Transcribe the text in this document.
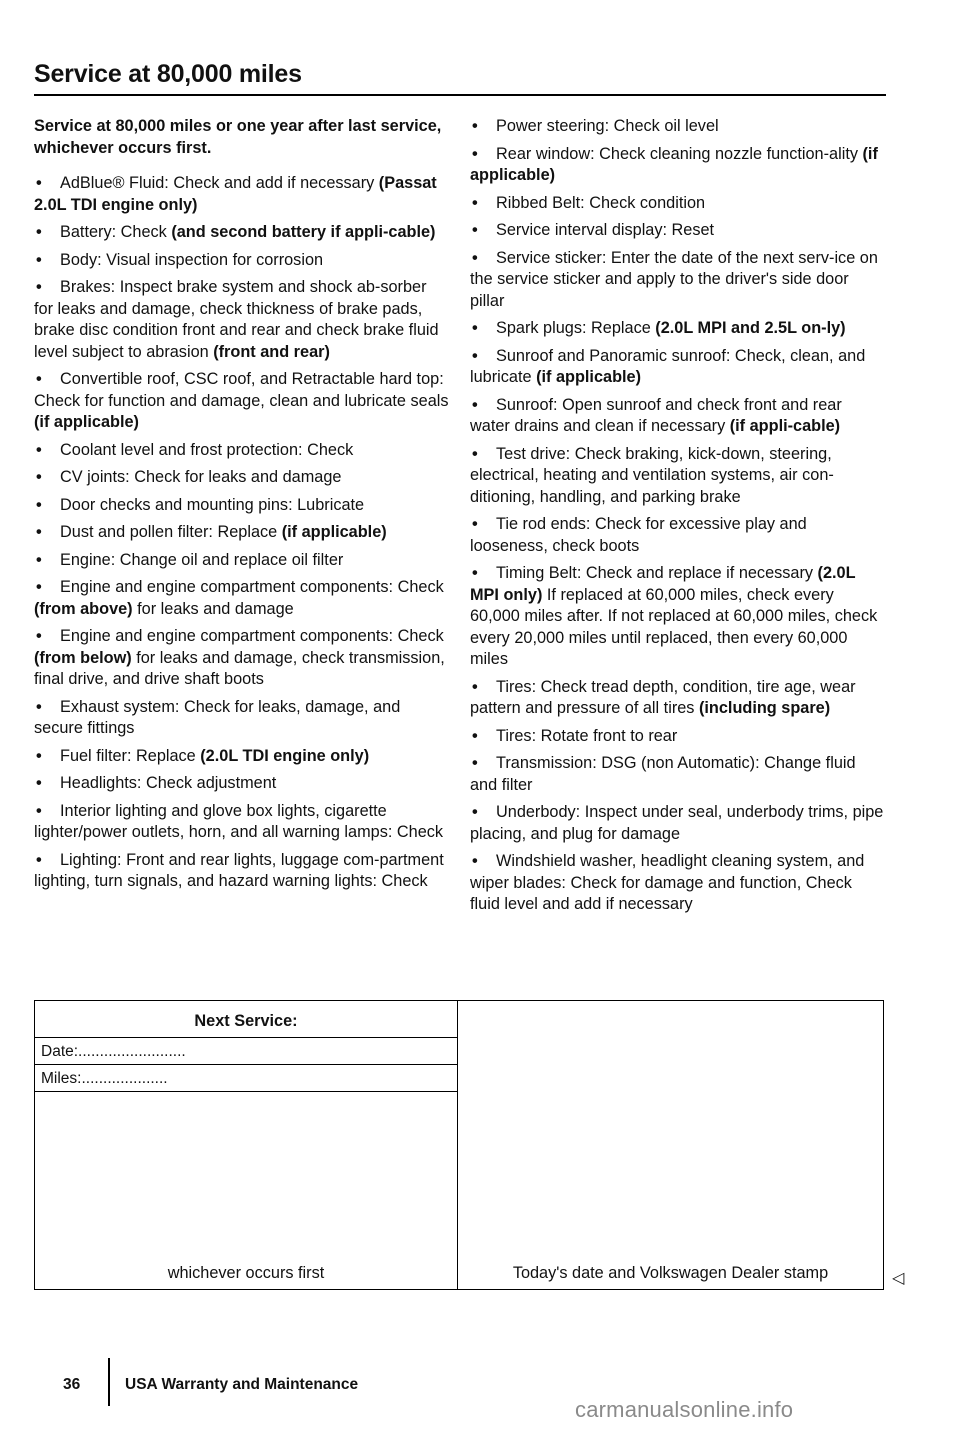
Service at 80,000 miles

Service at 80,000 miles or one year after last service, whichever occurs first.

• AdBlue® Fluid: Check and add if necessary (Passat 2.0L TDI engine only)

• Battery: Check (and second battery if appli-cable)

• Body: Visual inspection for corrosion

• Brakes: Inspect brake system and shock ab-sorber for leaks and damage, check thickness of brake pads, brake disc condition front and rear and check brake fluid level subject to abrasion (front and rear)

• Convertible roof, CSC roof, and Retractable hard top: Check for function and damage, clean and lubricate seals (if applicable)

• Coolant level and frost protection: Check

• CV joints: Check for leaks and damage

• Door checks and mounting pins: Lubricate

• Dust and pollen filter: Replace (if applicable)

• Engine: Change oil and replace oil filter

• Engine and engine compartment components: Check (from above) for leaks and damage

• Engine and engine compartment components: Check (from below) for leaks and damage, check transmission, final drive, and drive shaft boots

• Exhaust system: Check for leaks, damage, and secure fittings

• Fuel filter: Replace (2.0L TDI engine only)

• Headlights: Check adjustment

• Interior lighting and glove box lights, cigarette lighter/power outlets, horn, and all warning lamps: Check

• Lighting: Front and rear lights, luggage com-partment lighting, turn signals, and hazard warning lights: Check

• Power steering: Check oil level

• Rear window: Check cleaning nozzle function-ality (if applicable)

• Ribbed Belt: Check condition

• Service interval display: Reset

• Service sticker: Enter the date of the next serv-ice on the service sticker and apply to the driver's side door pillar

• Spark plugs: Replace (2.0L MPI and 2.5L on-ly)

• Sunroof and Panoramic sunroof: Check, clean, and lubricate (if applicable)

• Sunroof: Open sunroof and check front and rear water drains and clean if necessary (if appli-cable)

• Test drive: Check braking, kick-down, steering, electrical, heating and ventilation systems, air con-ditioning, handling, and parking brake

• Tie rod ends: Check for excessive play and looseness, check boots

• Timing Belt: Check and replace if necessary (2.0L MPI only) If replaced at 60,000 miles, check every 60,000 miles after. If not replaced at 60,000 miles, check every 20,000 miles until replaced, then every 60,000 miles

• Tires: Check tread depth, condition, tire age, wear pattern and pressure of all tires (including spare)

• Tires: Rotate front to rear

• Transmission: DSG (non Automatic): Change fluid and filter

• Underbody: Inspect under seal, underbody trims, pipe placing, and plug for damage

• Windshield washer, headlight cleaning system, and wiper blades: Check for damage and function, Check fluid level and add if necessary

Next Service:
Date:.........................
Miles:....................
whichever occurs first	Today's date and Volkswagen Dealer stamp	◁
36	USA Warranty and Maintenance
carmanualsonline.info
